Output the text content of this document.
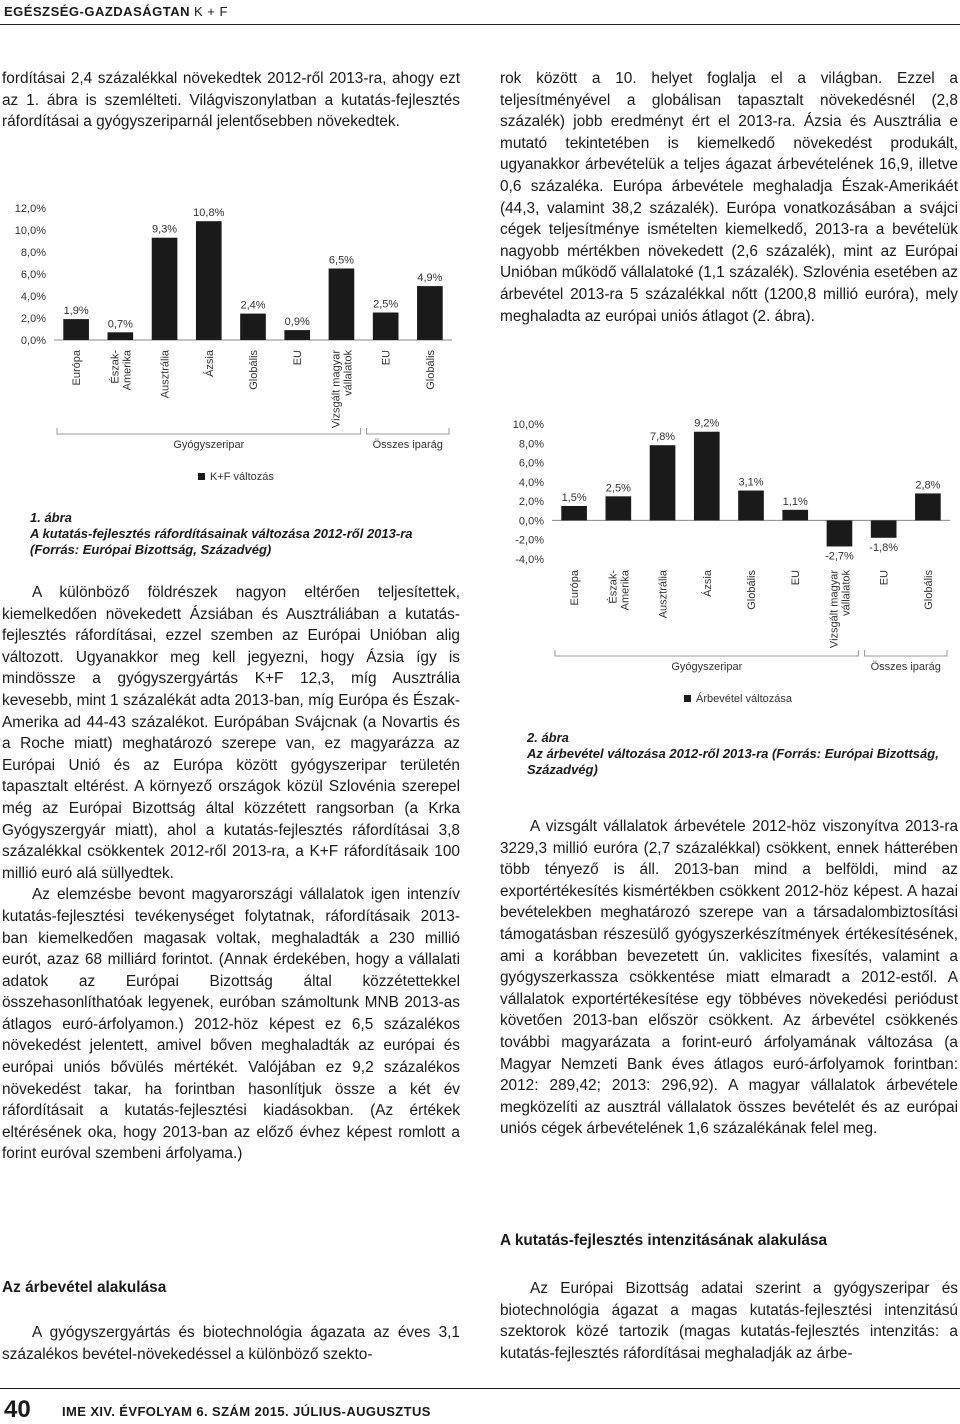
EGÉSZSÉG-GAZDASÁGTAN K + F

fordításai 2,4 százalékkal növekedtek 2012-ről 2013-ra, ahogy ezt az 1. ábra is szemlélteti. Világviszonylatban a kutatás-fejlesztés ráfordításai a gyógyszeriparnál jelentősebben növekedtek.

0,0%
2,0%
4,0%
6,0%
8,0%
10,0%
12,0%
1,9%
Európa
0,7%
Észak- Amerika
9,3%
Ausztrália
10,8%
Ázsia
2,4%
Globális
0,9%
EU
6,5%
Vizsgált magyar vállalatok
2,5%
EU
4,9%
Globális
Gyógyszeripar	Összes iparág
K+F változás
1. ábra
A kutatás-fejlesztés ráfordításainak változása 2012-ről 2013-ra (Forrás: Európai Bizottság, Századvég)

A különböző földrészek nagyon eltérően teljesítettek, kiemelkedően növekedett Ázsiában és Ausztráliában a kutatás-fejlesztés ráfordításai, ezzel szemben az Európai Unióban alig változott. Ugyanakkor meg kell jegyezni, hogy Ázsia így is mindössze a gyógyszergyártás K+F 12,3, míg Ausztrália kevesebb, mint 1 százalékát adta 2013-ban, míg Európa és Észak-Amerika ad 44-43 százalékot. Európában Svájcnak (a Novartis és a Roche miatt) meghatározó szerepe van, ez magyarázza az Európai Unió és az Európa között gyógyszeripar területén tapasztalt eltérést. A környező országok közül Szlovénia szerepel még az Európai Bizottság által közzétett rangsorban (a Krka Gyógyszergyár miatt), ahol a kutatás-fejlesztés ráfordításai 3,8 százalékkal csökkentek 2012-ről 2013-ra, a K+F ráfordításaik 100 millió euró alá süllyedtek.

Az elemzésbe bevont magyarországi vállalatok igen intenzív kutatás-fejlesztési tevékenységet folytatnak, ráfordításaik 2013-ban kiemelkedően magasak voltak, meghaladták a 230 millió eurót, azaz 68 milliárd forintot. (Annak érdekében, hogy a vállalati adatok az Európai Bizottság által közzétettekkel összehasonlíthatóak legyenek, euróban számoltunk MNB 2013-as átlagos euró-árfolyamon.) 2012-höz képest ez 6,5 százalékos növekedést jelentett, amivel bőven meghaladták az európai és európai uniós bővülés mértékét. Valójában ez 9,2 százalékos növekedést takar, ha forintban hasonlítjuk össze a két év ráfordításait a kutatás-fejlesztési kiadásokban. (Az értékek eltérésének oka, hogy 2013-ban az előző évhez képest romlott a forint euróval szembeni árfolyama.)

Az árbevétel alakulása

A gyógyszergyártás és biotechnológia ágazata az éves 3,1 százalékos bevétel-növekedéssel a különböző szekto-

rok között a 10. helyet foglalja el a világban. Ezzel a teljesítményével a globálisan tapasztalt növekedésnél (2,8 százalék) jobb eredményt ért el 2013-ra. Ázsia és Ausztrália e mutató tekintetében is kiemelkedő növekedést produkált, ugyanakkor árbevételük a teljes ágazat árbevételének 16,9, illetve 0,6 százaléka. Európa árbevétele meghaladja Észak-Amerikáét (44,3, valamint 38,2 százalék). Európa vonatkozásában a svájci cégek teljesítménye ismételten kiemelkedő, 2013-ra a bevételük nagyobb mértékben növekedett (2,6 százalék), mint az Európai Unióban működő vállalatoké (1,1 százalék). Szlovénia esetében az árbevétel 2013-ra 5 százalékkal nőtt (1200,8 millió euróra), mely meghaladta az európai uniós átlagot (2. ábra).

-4,0%
-2,0%
0,0%
2,0%
4,0%
6,0%
8,0%
10,0%
1,5%
Európa
2,5%
Észak- Amerika
7,8%
Ausztrália
9,2%
Ázsia
3,1%
Globális
1,1%
EU
-2,7%
Vizsgált magyar vállalatok
-1,8%
EU
2,8%
Globális
Gyógyszeripar	Összes iparág
Árbevétel változása
2. ábra
Az árbevétel változása 2012-ről 2013-ra (Forrás: Európai Bizottság, Századvég)

A vizsgált vállalatok árbevétele 2012-höz viszonyítva 2013-ra 3229,3 millió euróra (2,7 százalékkal) csökkent, ennek hátterében több tényező is áll. 2013-ban mind a belföldi, mind az exportértékesítés kismértékben csökkent 2012-höz képest. A hazai bevételekben meghatározó szerepe van a társadalombiztosítási támogatásban részesülő gyógyszerkészítmények értékesítésének, ami a korábban bevezetett ún. vaklicites fixesítés, valamint a gyógyszerkassza csökkentése miatt elmaradt a 2012-estől. A vállalatok exportértékesítése egy többéves növekedési periódust követően 2013-ban először csökkent. Az árbevétel csökkenés további magyarázata a forint-euró árfolyamának változása (a Magyar Nemzeti Bank éves átlagos euró-árfolyamok forintban: 2012: 289,42; 2013: 296,92). A magyar vállalatok árbevétele megközelíti az ausztrál vállalatok összes bevételét és az európai uniós cégek árbevételének 1,6 százalékának felel meg.

A kutatás-fejlesztés intenzitásának alakulása

Az Európai Bizottság adatai szerint a gyógyszeripar és biotechnológia ágazat a magas kutatás-fejlesztési intenzitású szektorok közé tartozik (magas kutatás-fejlesztés intenzitás: a kutatás-fejlesztés ráfordításai meghaladják az árbe-

40 IME XIV. ÉVFOLYAM 6. SZÁM 2015. JÚLIUS-AUGUSZTUS
